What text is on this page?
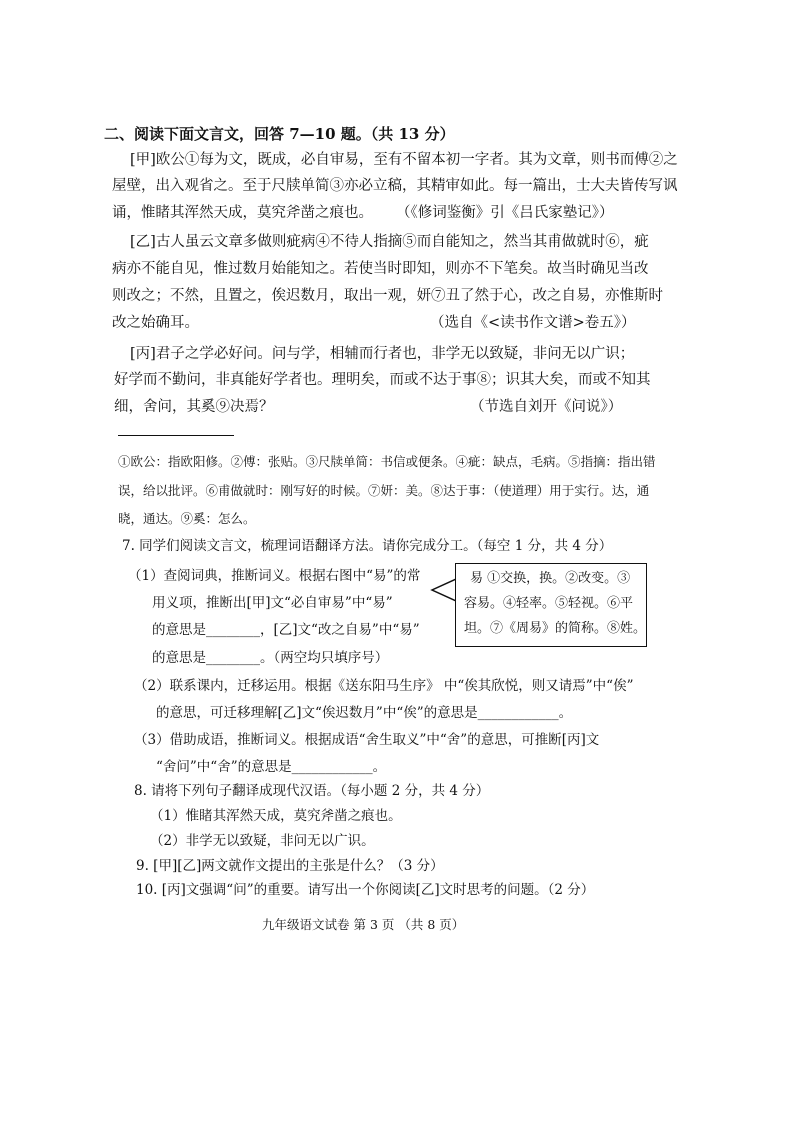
二、阅读下面文言文，回答 7—10 题。（共 13 分）
[甲]欧公①每为文，既成，必自审易，至有不留本初一字者。其为文章，则书而傅②之
屋壁，出入观省之。至于尺牍单简③亦必立稿，其精审如此。每一篇出，士大夫皆传写讽
诵，惟睹其浑然天成，莫究斧凿之痕也。 （《修词鉴衡》引《吕氏家塾记》）
[乙]古人虽云文章多做则疵病④不待人指摘⑤而自能知之，然当其甫做就时⑥，疵
病亦不能自见，惟过数月始能知之。若使当时即知，则亦不下笔矣。故当时确见当改
则改之；不然，且置之，俟迟数月，取出一观，妍⑦丑了然于心，改之自易，亦惟斯时
改之始确耳。	（选自《<读书作文谱>卷五》）
[丙]君子之学必好问。问与学，相辅而行者也，非学无以致疑，非问无以广识；
好学而不勤问，非真能好学者也。理明矣，而或不达于事⑧；识其大矣，而或不知其
细，舍问，其奚⑨决焉？	（节选自刘开《问说》）
①欧公：指欧阳修。②傅：张贴。③尺牍单简：书信或便条。④疵：缺点，毛病。⑤指摘：指出错
误，给以批评。⑥甫做就时：刚写好的时候。⑦妍：美。⑧达于事：（使道理）用于实行。达，通
晓，通达。⑨奚：怎么。
7. 同学们阅读文言文，梳理词语翻译方法。请你完成分工。（每空 1 分，共 4 分）
（1）查阅词典，推断词义。根据右图中“易”的常
用义项，推断出[甲]文“必自审易”中“易”
的意思是________，[乙]文“改之自易”中“易”
的意思是________。（两空均只填序号）
易 ①交换，换。②改变。③
容易。④轻率。⑤轻视。⑥平
坦。⑦《周易》的简称。⑧姓。
（2）联系课内，迁移运用。根据《送东阳马生序》 中“俟其欣悦，则又请焉”中“俟”
的意思，可迁移理解[乙]文“俟迟数月”中“俟”的意思是____________。
（3）借助成语，推断词义。根据成语“舍生取义”中“舍”的意思，可推断[丙]文
“舍问”中“舍”的意思是____________。
8. 请将下列句子翻译成现代汉语。（每小题 2 分，共 4 分）
（1）惟睹其浑然天成，莫究斧凿之痕也。
（2）非学无以致疑，非问无以广识。
9. [甲][乙]两文就作文提出的主张是什么？（3 分）
10. [丙]文强调“问”的重要。请写出一个你阅读[乙]文时思考的问题。（2 分）
九年级语文试卷 第 3 页 （共 8 页）
